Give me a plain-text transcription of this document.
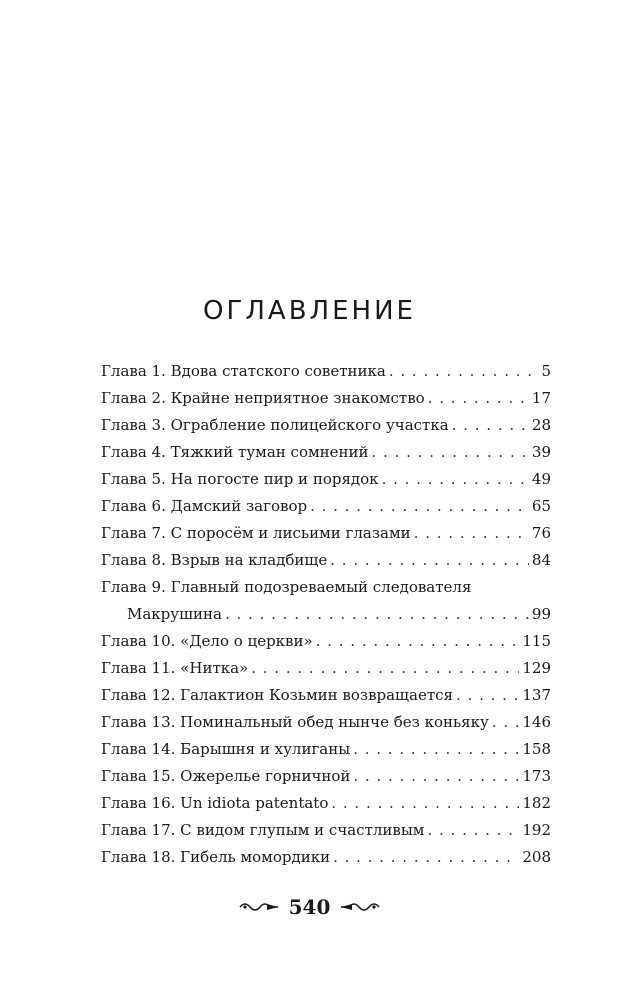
ОГЛАВЛЕНИЕ
Глава 1. Вдова статского советника . . .	5
Глава 2. Крайне неприятное знакомство . . .	17
Глава 3. Ограбление полицейского участка . . .	28
Глава 4. Тяжкий туман сомнений . . .	39
Глава 5. На погосте пир и порядок . . .	49
Глава 6. Дамский заговор . . .	65
Глава 7. С поросём и лисьими глазами . . .	76
Глава 8. Взрыв на кладбище . . .	84
Глава 9. Главный подозреваемый следователя
Макрушина . . .	99
Глава 10. «Дело о церкви» . . .	115
Глава 11. «Нитка» . . .	129
Глава 12. Галактион Козьмин возвращается . . .	137
Глава 13. Поминальный обед нынче без коньяку . . . 146
Глава 14. Барышня и хулиганы . . .	158
Глава 15. Ожерелье горничной . . .	173
Глава 16. Un idiota patentato . . .	182
Глава 17. С видом глупым и счастливым . . .	192
Глава 18. Гибель момордики . . .	208
540
